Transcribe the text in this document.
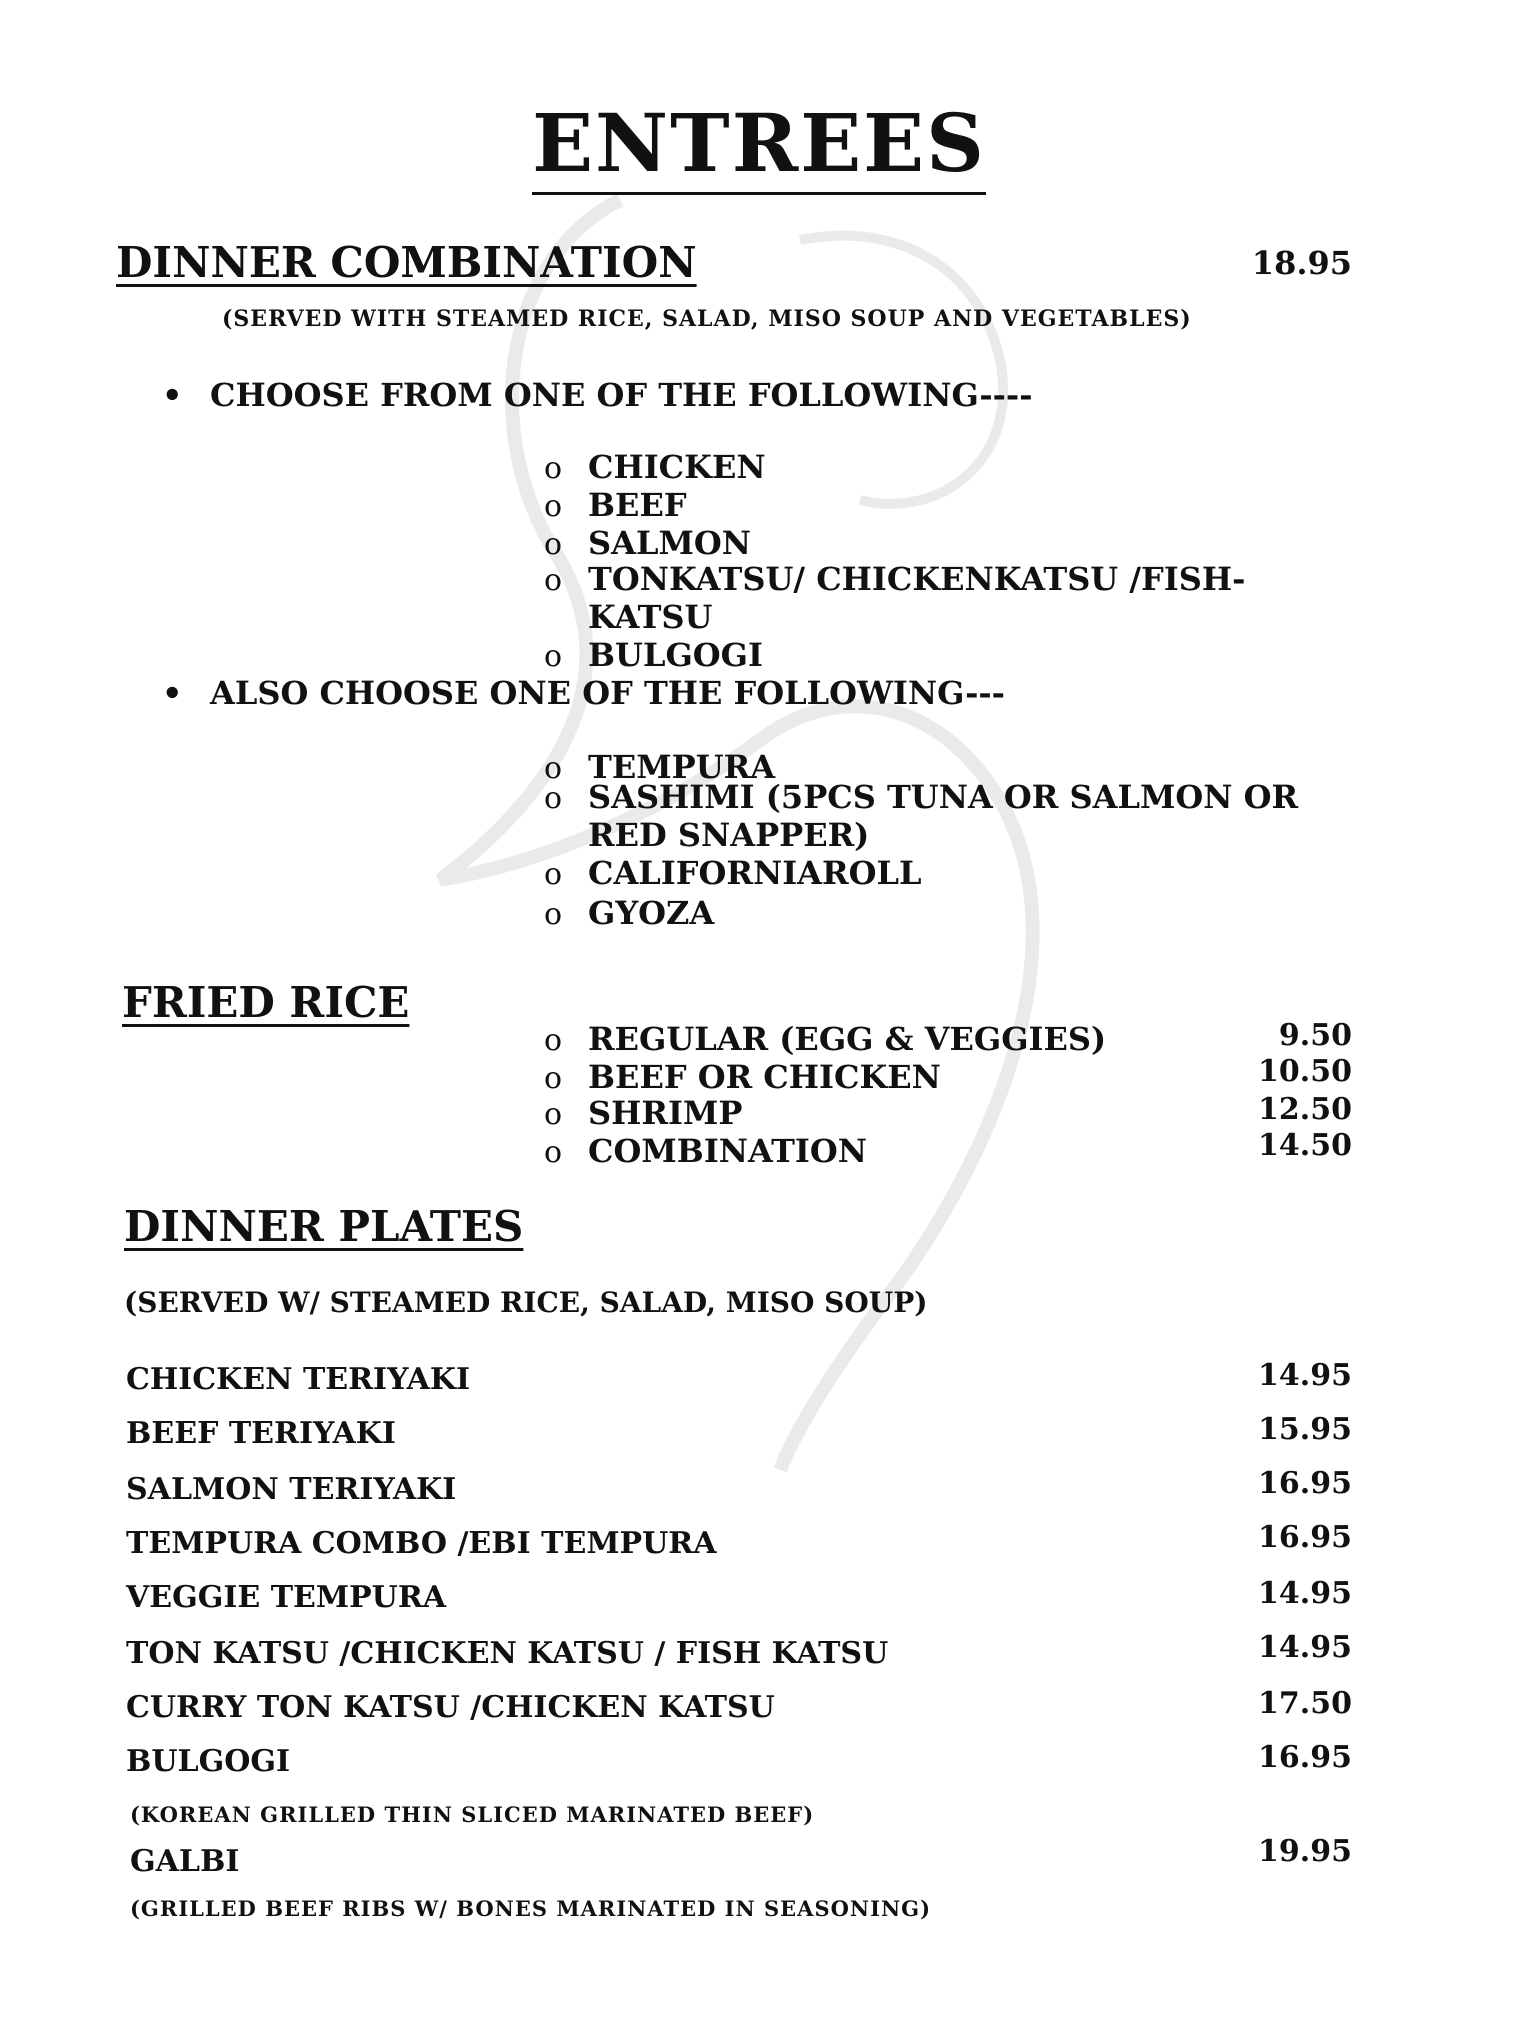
ENTREES
DINNER COMBINATION	18.95
(SERVED WITH STEAMED RICE, SALAD, MISO SOUP AND VEGETABLES)
• CHOOSE FROM ONE OF THE FOLLOWING----
o CHICKEN
o BEEF
o SALMON
o TONKATSU/ CHICKENKATSU /FISH-KATSU
o BULGOGI
• ALSO CHOOSE ONE OF THE FOLLOWING---
o TEMPURA
o SASHIMI (5PCS TUNA OR SALMON OR RED SNAPPER)
o CALIFORNIAROLL
o GYOZA
FRIED RICE
o REGULAR (EGG & VEGGIES)	9.50
o BEEF OR CHICKEN	10.50
o SHRIMP	12.50
o COMBINATION	14.50
DINNER PLATES
(SERVED W/ STEAMED RICE, SALAD, MISO SOUP)
CHICKEN TERIYAKI	14.95
BEEF TERIYAKI	15.95
SALMON TERIYAKI	16.95
TEMPURA COMBO /EBI TEMPURA	16.95
VEGGIE TEMPURA	14.95
TON KATSU /CHICKEN KATSU / FISH KATSU	14.95
CURRY TON KATSU /CHICKEN KATSU	17.50
BULGOGI	16.95
(KOREAN GRILLED THIN SLICED MARINATED BEEF)
GALBI	19.95
(GRILLED BEEF RIBS W/ BONES MARINATED IN SEASONING)
